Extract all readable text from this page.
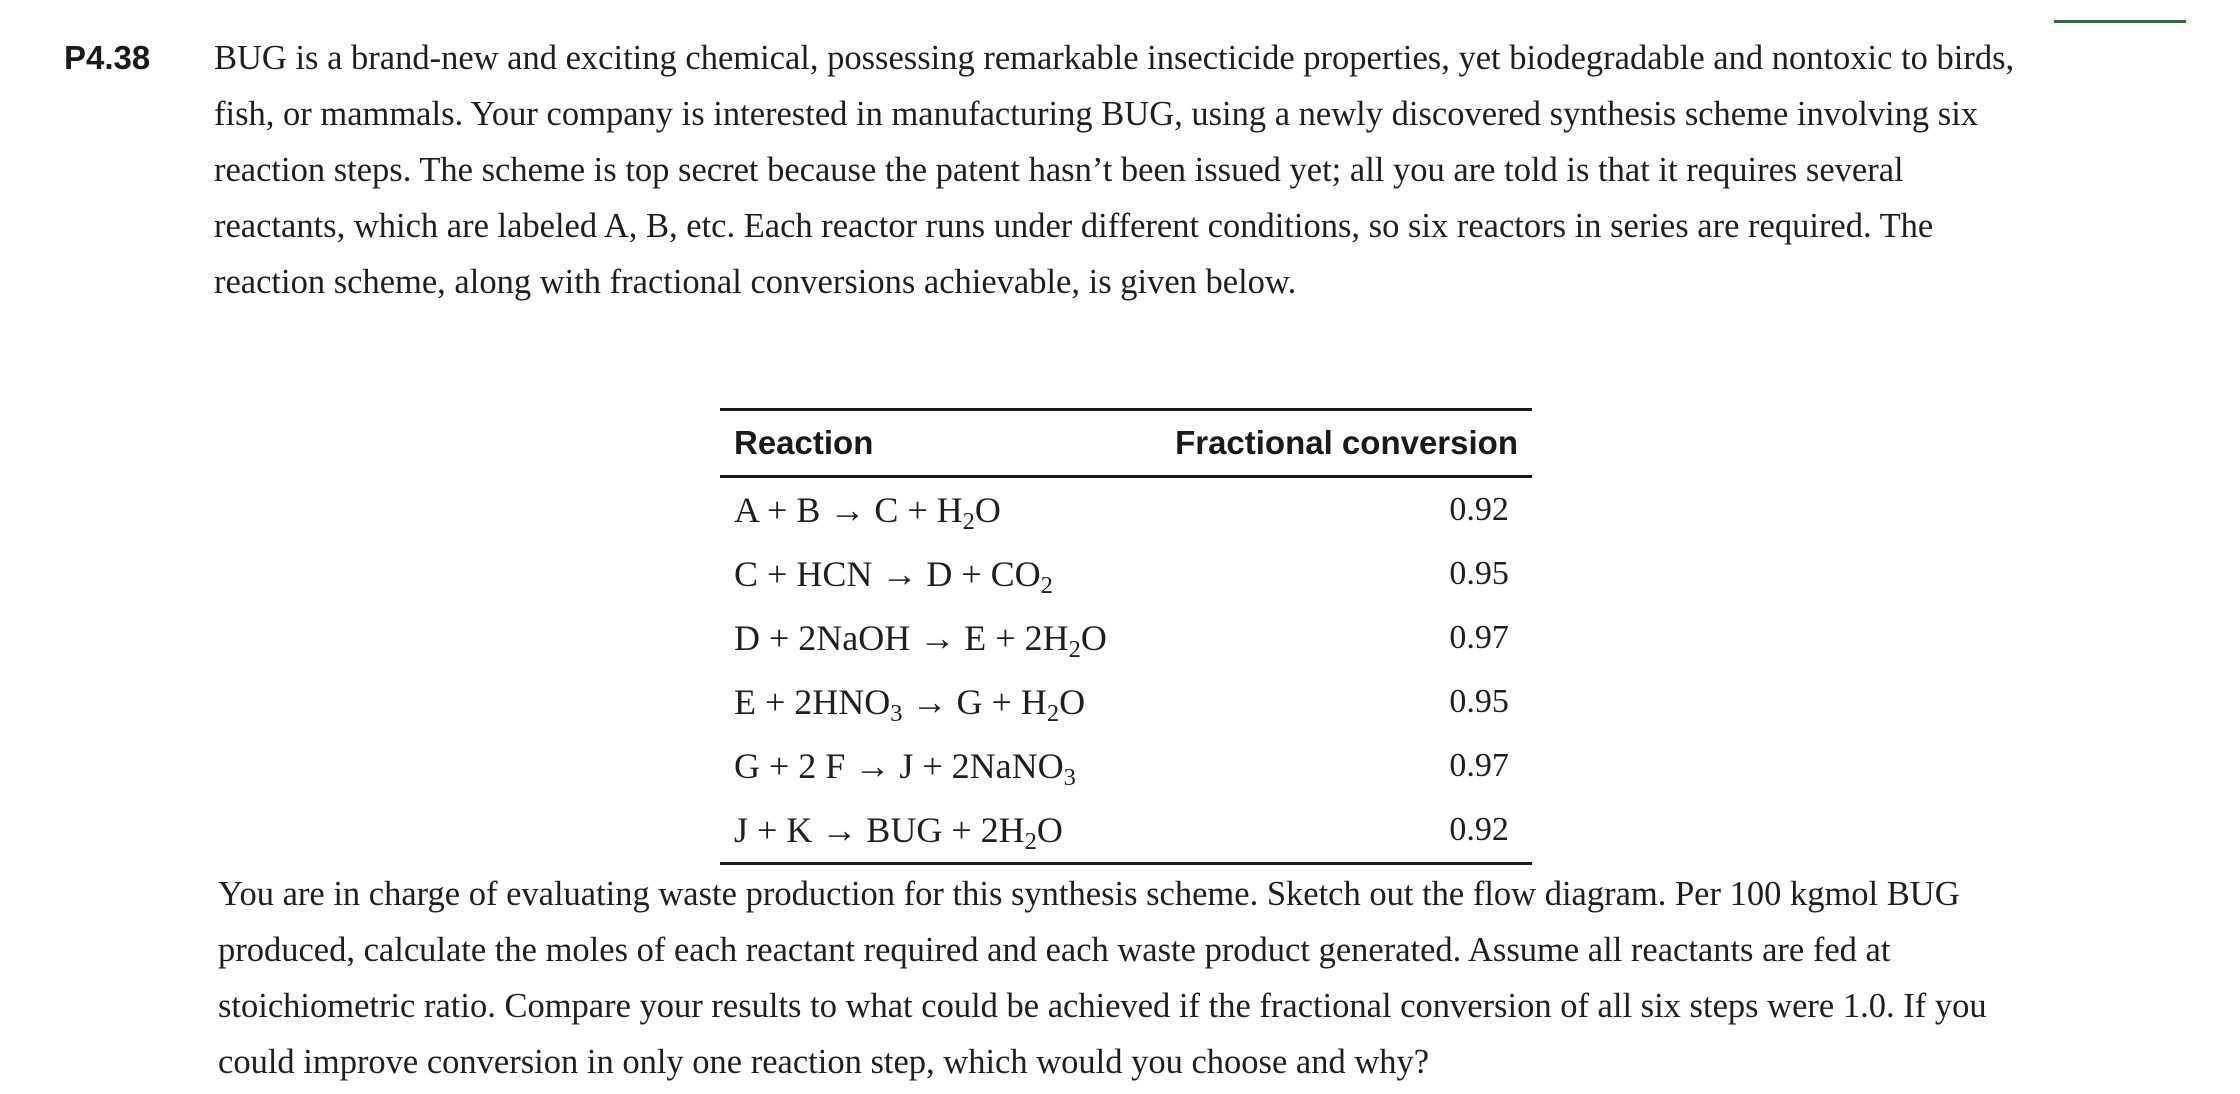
P4.38 BUG is a brand-new and exciting chemical, possessing remarkable insecticide properties, yet biodegradable and nontoxic to birds,
fish, or mammals. Your company is interested in manufacturing BUG, using a newly discovered synthesis scheme involving six
reaction steps. The scheme is top secret because the patent hasn’t been issued yet; all you are told is that it requires several
reactants, which are labeled A, B, etc. Each reactor runs under different conditions, so six reactors in series are required. The
reaction scheme, along with fractional conversions achievable, is given below.

Reaction	Fractional conversion
$A + B \to C + H_2O$	0.92
C + HCN → $D + CO_2$	0.95
D + 2NaOH → $E + 2H_2O$	0.97
$E + 2HNO_3 \to G + H_2O$	0.95
G + 2 F → J + 2NaNO$_3$	0.97
J + K → BUG + $2H_2O$	0.92

You are in charge of evaluating waste production for this synthesis scheme. Sketch out the flow diagram. Per 100 kgmol BUG
produced, calculate the moles of each reactant required and each waste product generated. Assume all reactants are fed at
stoichiometric ratio. Compare your results to what could be achieved if the fractional conversion of all six steps were 1.0. If you
could improve conversion in only one reaction step, which would you choose and why?
